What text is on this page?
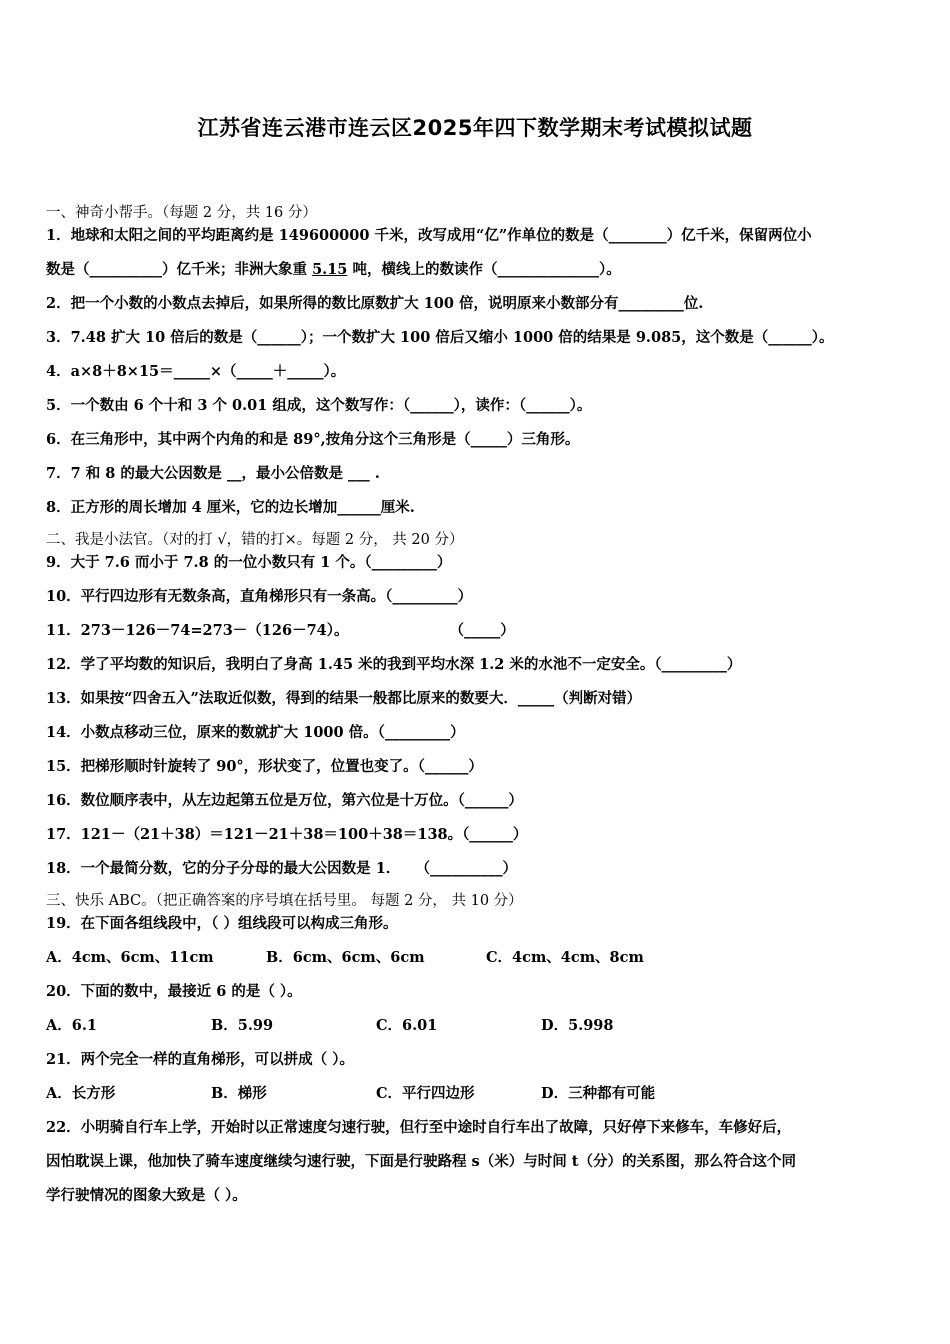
江苏省连云港市连云区2025年四下数学期末考试模拟试题
一、神奇小帮手。（每题 2 分，共 16 分）
1．地球和太阳之间的平均距离约是 149600000 千米，改写成用“亿”作单位的数是（________）亿千米，保留两位小
数是（__________）亿千米；非洲大象重 5.15 吨，横线上的数读作（______________）。
2．把一个小数的小数点去掉后，如果所得的数比原数扩大 100 倍，说明原来小数部分有_________位.
3．7.48 扩大 10 倍后的数是（______）；一个数扩大 100 倍后又缩小 1000 倍的结果是 9.085，这个数是（______）。
4．a×8＋8×15＝_____×（_____＋_____）。
5．一个数由 6 个十和 3 个 0.01 组成，这个数写作：（______），读作：（______）。
6．在三角形中，其中两个内角的和是 89°,按角分这个三角形是（_____）三角形。
7．7 和 8 的最大公因数是 __，最小公倍数是 ___ .
8．正方形的周长增加 4 厘米，它的边长增加______厘米.
二、我是小法官。（对的打 √，错的打×。每题 2 分， 共 20 分）
9．大于 7.6 而小于 7.8 的一位小数只有 1 个。（_________）
10．平行四边形有无数条高，直角梯形只有一条高。（_________）
11．273－126－74=273－（126－74）。                    （_____）
12．学了平均数的知识后，我明白了身高 1.45 米的我到平均水深 1.2 米的水池不一定安全。（_________）
13．如果按“四舍五入”法取近似数，得到的结果一般都比原来的数要大．_____（判断对错）
14．小数点移动三位，原来的数就扩大 1000 倍。（_________）
15．把梯形顺时针旋转了 90°，形状变了，位置也变了。（______）
16．数位顺序表中，从左边起第五位是万位，第六位是十万位。（______）
17．121－（21＋38）＝121－21＋38＝100＋38＝138。（______）
18．一个最简分数，它的分子分母的最大公因数是 1．   （__________）
三、快乐 ABC。（把正确答案的序号填在括号里。 每题 2 分， 共 10 分）
19．在下面各组线段中，（ ）组线段可以构成三角形。
A．4cm、6cm、11cm	B．6cm、6cm、6cm	C．4cm、4cm、8cm
20．下面的数中，最接近 6 的是（ ）。
A．6.1	B．5.99	C．6.01	D．5.998
21．两个完全一样的直角梯形，可以拼成（ ）。
A．长方形	B．梯形	C．平行四边形	D．三种都有可能
22．小明骑自行车上学，开始时以正常速度匀速行驶，但行至中途时自行车出了故障，只好停下来修车，车修好后，
因怕耽误上课，他加快了骑车速度继续匀速行驶，下面是行驶路程 s（米）与时间 t（分）的关系图，那么符合这个同
学行驶情况的图象大致是（ ）。
